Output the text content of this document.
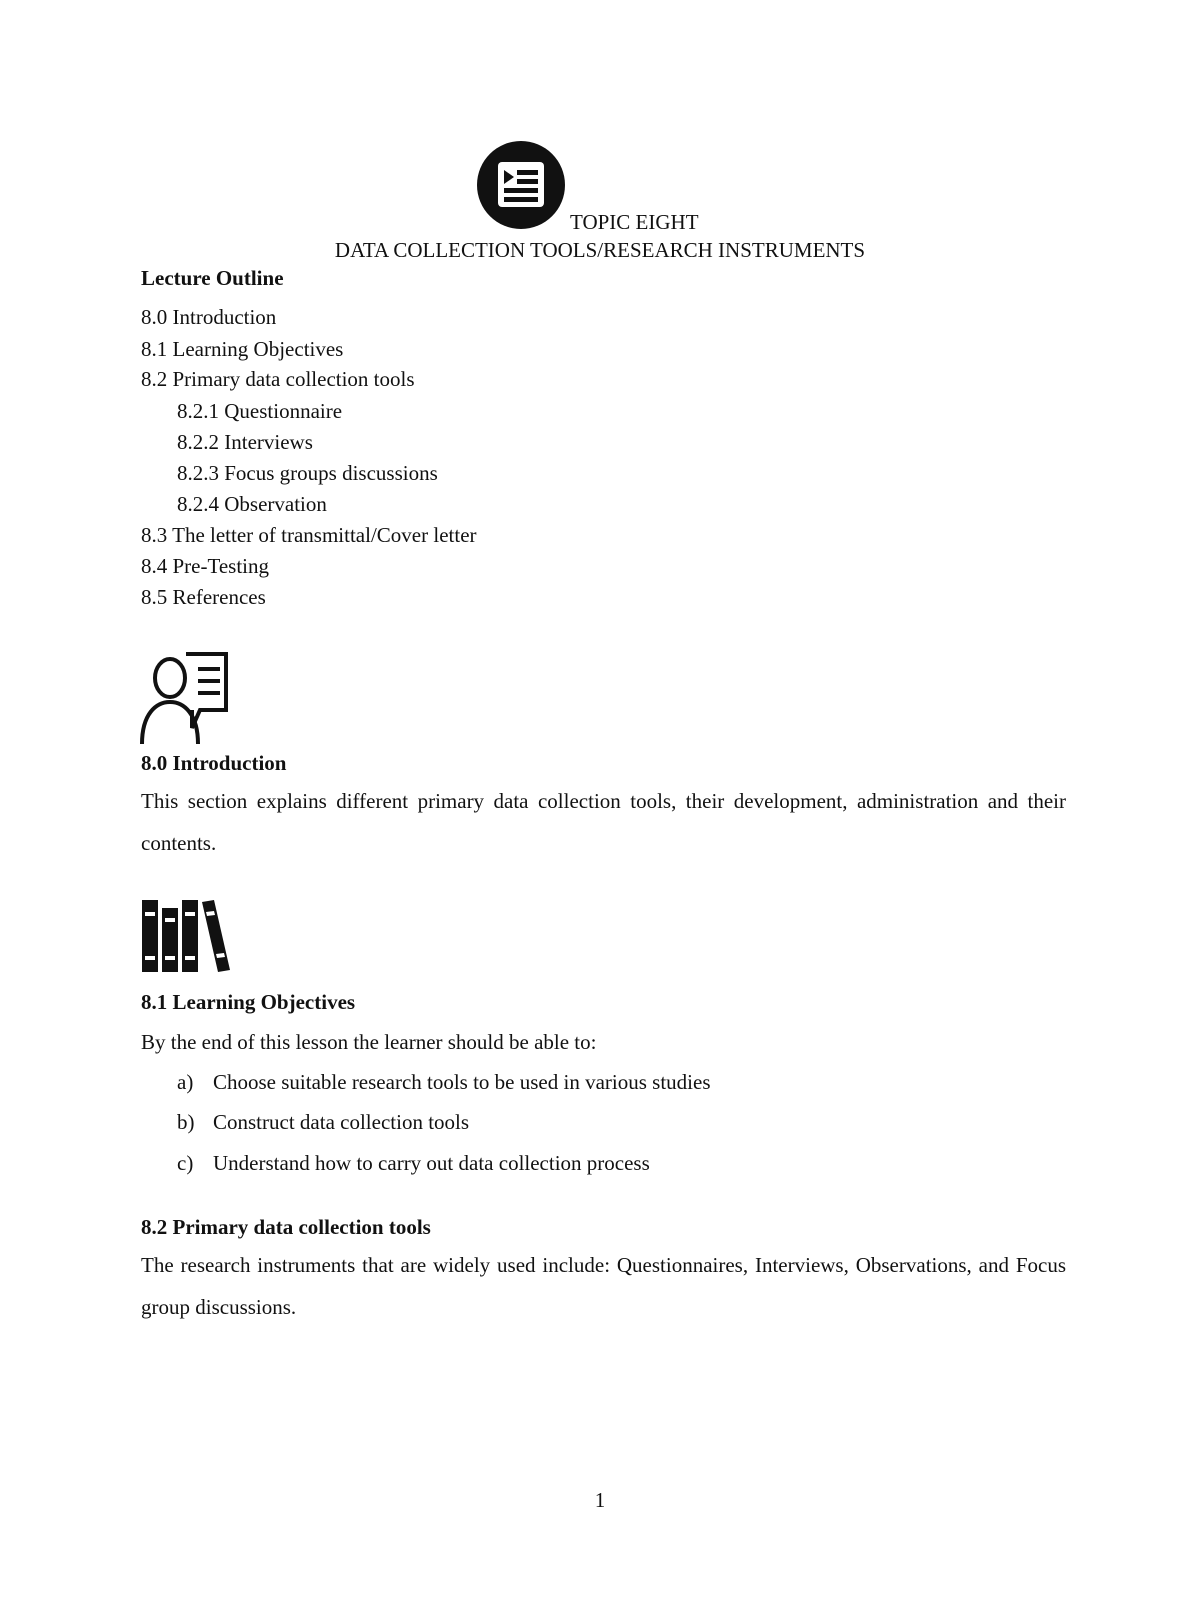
TOPIC EIGHT
DATA COLLECTION TOOLS/RESEARCH INSTRUMENTS
Lecture Outline
8.0 Introduction
8.1 Learning Objectives
8.2 Primary data collection tools
8.2.1 Questionnaire
8.2.2 Interviews
8.2.3 Focus groups discussions
8.2.4 Observation
8.3 The letter of transmittal/Cover letter
8.4 Pre-Testing
8.5 References
8.0 Introduction
This section explains different primary data collection tools, their development, administration and their contents.
8.1 Learning Objectives
By the end of this lesson the learner should be able to:
a) Choose suitable research tools to be used in various studies
b) Construct data collection tools
c) Understand how to carry out data collection process
8.2 Primary data collection tools
The research instruments that are widely used include: Questionnaires, Interviews, Observations, and Focus group discussions.
1
